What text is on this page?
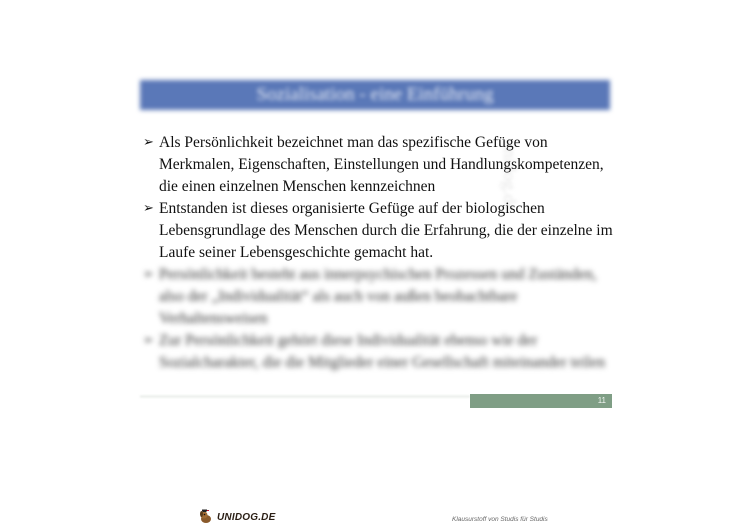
Sozialisation - eine Einführung
unidog.de
➢ Als Persönlichkeit bezeichnet man das spezifische Gefüge von Merkmalen, Eigenschaften, Einstellungen und Handlungskompetenzen, die einen einzelnen Menschen kennzeichnen
➢ Entstanden ist dieses organisierte Gefüge auf der biologischen Lebensgrundlage des Menschen durch die Erfahrung, die der einzelne im Laufe seiner Lebensgeschichte gemacht hat.
➢ Persönlichkeit besteht aus innerpsychischen Prozessen und Zuständen, also der „Individualität“ als auch von außen beobachtbare Verhaltensweisen
➢ Zur Persönlichkeit gehört diese Individualität ebenso wie der Sozialcharakter, die die Mitglieder einer Gesellschaft miteinander teilen
11
UNIDOG.DE	Klausurstoff von Studis für Studis
